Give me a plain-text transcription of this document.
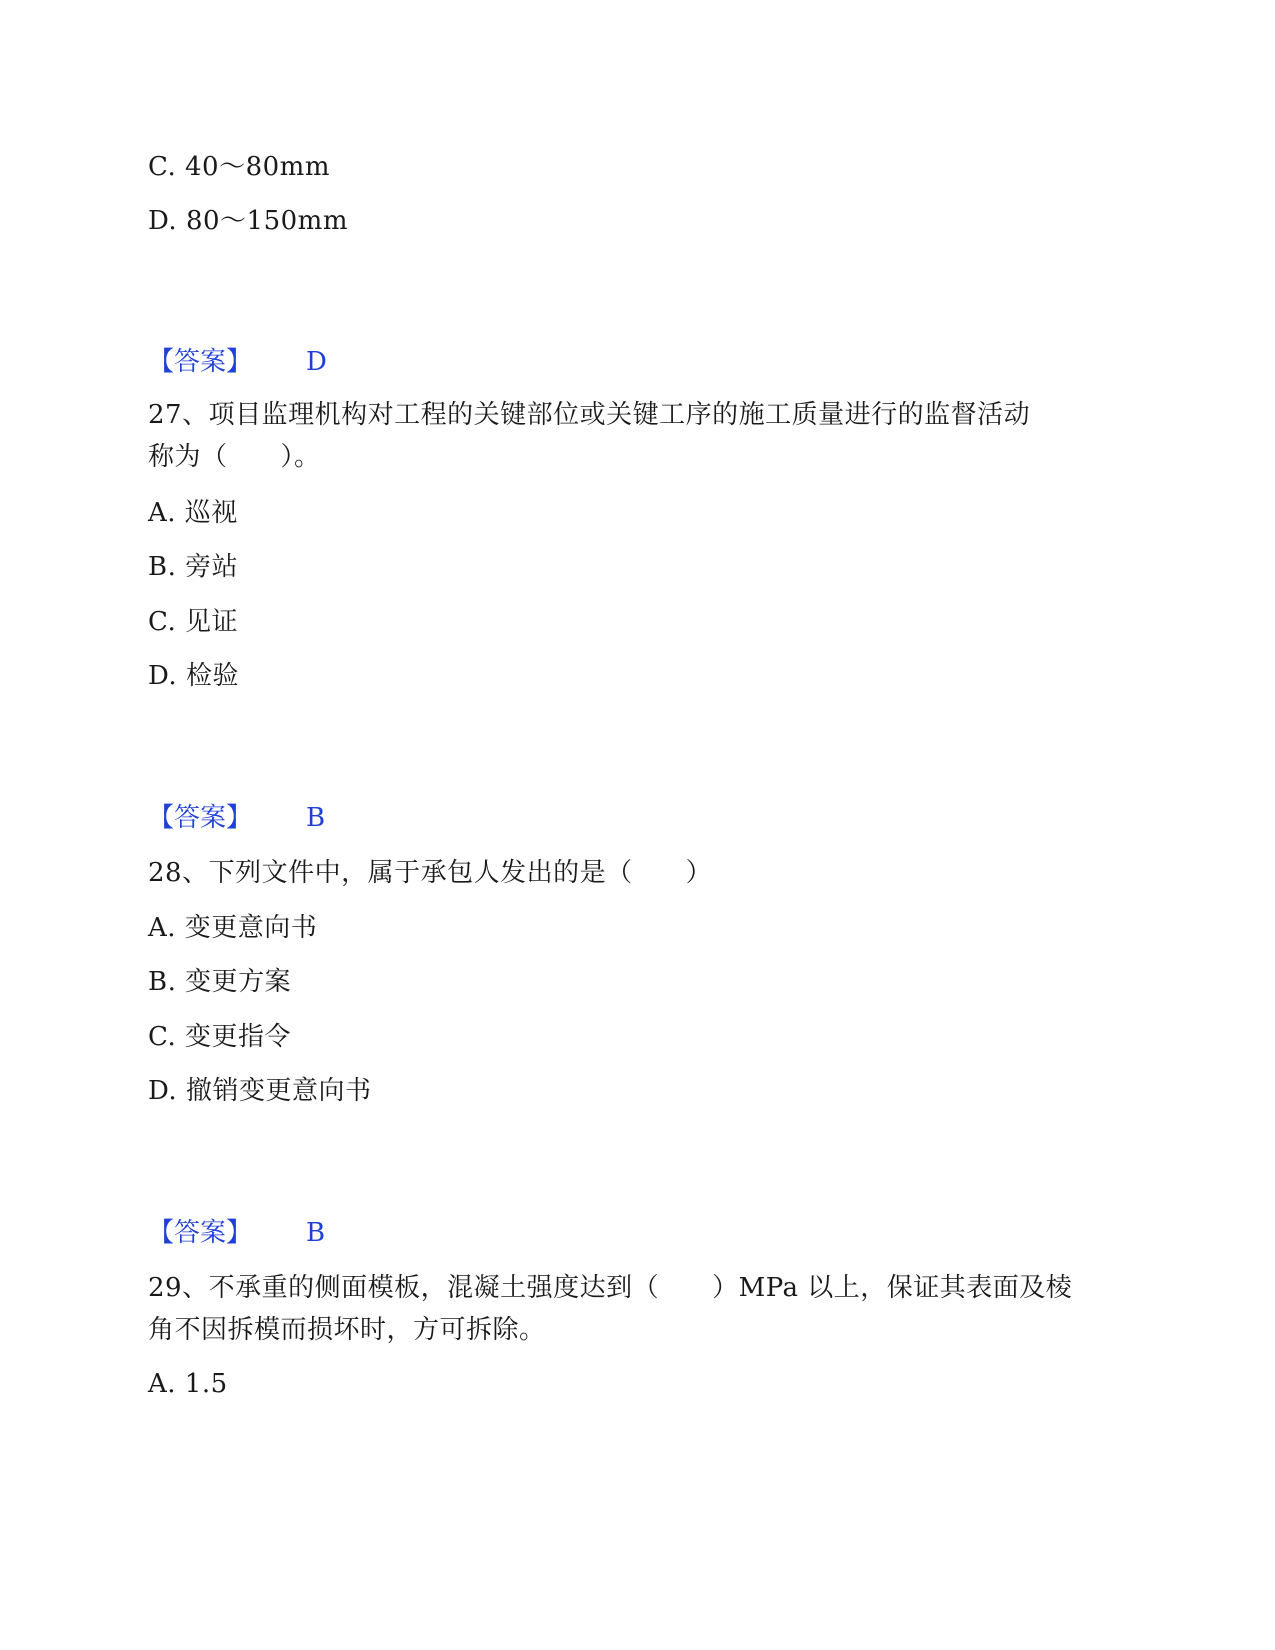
C. 40～80mm
D. 80～150mm
【答案】 D
27、项目监理机构对工程的关键部位或关键工序的施工质量进行的监督活动
称为（　　）。
A. 巡视
B. 旁站
C. 见证
D. 检验
【答案】 B
28、下列文件中，属于承包人发出的是（　　）
A. 变更意向书
B. 变更方案
C. 变更指令
D. 撤销变更意向书
【答案】 B
29、不承重的侧面模板，混凝土强度达到（　　）MPa 以上，保证其表面及棱
角不因拆模而损坏时，方可拆除。
A. 1.5
